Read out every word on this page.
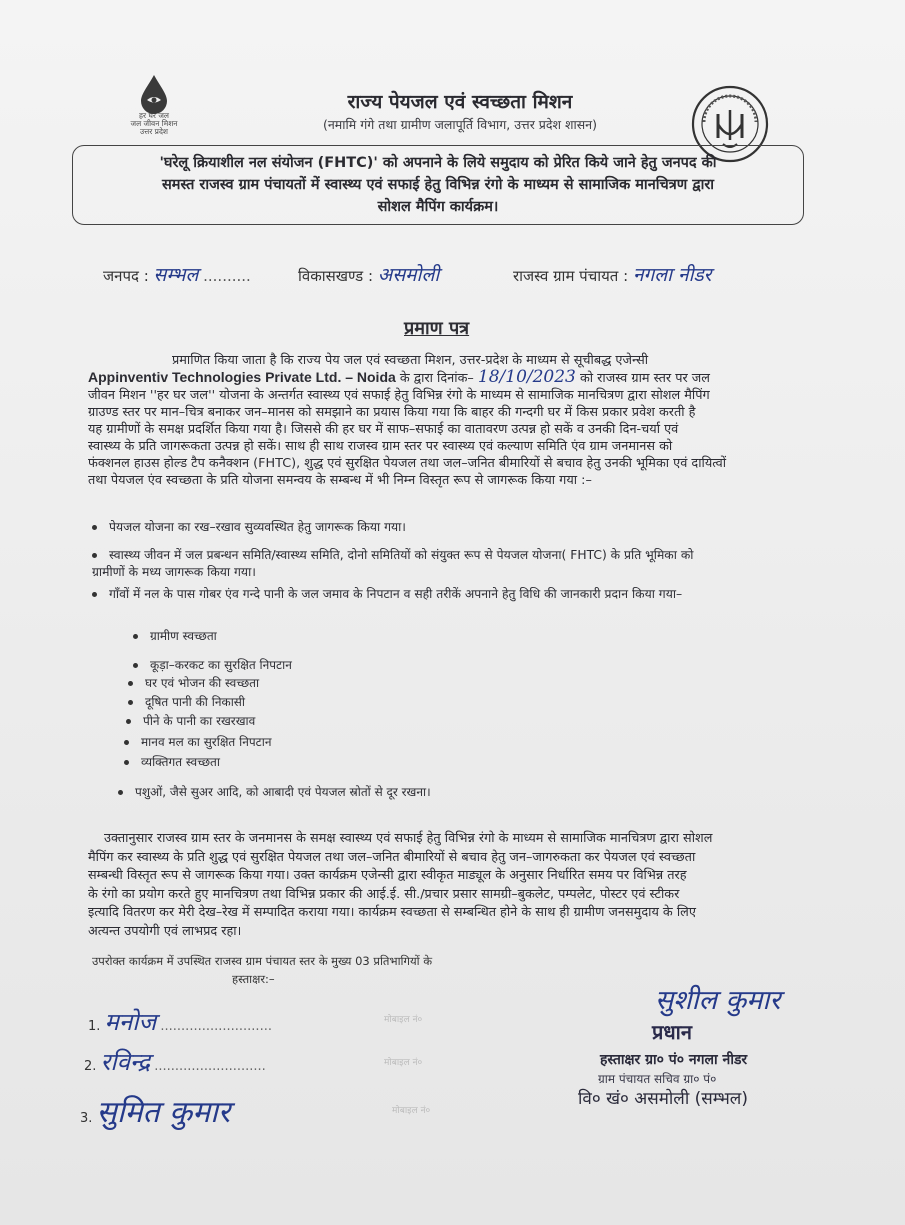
हर घर जल
जल जीवन मिशन
उत्तर प्रदेश
राज्य पेयजल एवं स्वच्छता मिशन
(नमामि गंगे तथा ग्रामीण जलापूर्ति विभाग, उत्तर प्रदेश शासन)
'घरेलू क्रियाशील नल संयोजन (FHTC)' को अपनाने के लिये समुदाय को प्रेरित किये जाने हेतु जनपद की
समस्त राजस्व ग्राम पंचायतों में स्वास्थ्य एवं सफाई हेतु विभिन्न रंगो के माध्यम से सामाजिक मानचित्रण द्वारा
सोशल मैपिंग कार्यक्रम।
जनपद : सम्भल ..........	विकासखण्ड : असमोली	राजस्व ग्राम पंचायत : नगला नीडर
प्रमाण पत्र
प्रमाणित किया जाता है कि राज्य पेय जल एवं स्वच्छता मिशन, उत्तर-प्रदेश के माध्यम से सूचीबद्ध एजेन्सी
Appinventiv Technologies Private Ltd. – Noida के द्वारा दिनांक– 18/10/2023 को राजस्व ग्राम स्तर पर जल
जीवन मिशन ''हर घर जल'' योजना के अन्तर्गत स्वास्थ्य एवं सफाई हेतु विभिन्न रंगो के माध्यम से सामाजिक मानचित्रण द्वारा सोशल मैपिंग
ग्राउण्ड स्तर पर मान–चित्र बनाकर जन–मानस को समझाने का प्रयास किया गया कि बाहर की गन्दगी घर में किस प्रकार प्रवेश करती है
यह ग्रामीणों के समक्ष प्रदर्शित किया गया है। जिससे की हर घर में साफ–सफाई का वातावरण उत्पन्न हो सकें व उनकी दिन-चर्या एवं
स्वास्थ्य के प्रति जागरूकता उत्पन्न हो सकें। साथ ही साथ राजस्व ग्राम स्तर पर स्वास्थ्य एवं कल्याण समिति एंव ग्राम जनमानस को
फंक्शनल हाउस होल्ड टैप कनैक्शन (FHTC), शुद्ध एवं सुरक्षित पेयजल तथा जल–जनित बीमारियों से बचाव हेतु उनकी भूमिका एवं दायित्वों
तथा पेयजल एंव स्वच्छता के प्रति योजना समन्वय के सम्बन्ध में भी निम्न विस्तृत रूप से जागरूक किया गया :–
पेयजल योजना का रख–रखाव सुव्यवस्थित हेतु जागरूक किया गया।
स्वास्थ्य जीवन में जल प्रबन्धन समिति/स्वास्थ्य समिति, दोनो समितियों को संयुक्त रूप से पेयजल योजना( FHTC) के प्रति भूमिका को
ग्रामीणों के मध्य जागरूक किया गया।
गाँवों में नल के पास गोबर एंव गन्दे पानी के जल जमाव के निपटान व सही तरीकें अपनाने हेतु विधि की जानकारी प्रदान किया गया–
ग्रामीण स्वच्छता
कूड़ा–करकट का सुरक्षित निपटान
घर एवं भोजन की स्वच्छता
दूषित पानी की निकासी
पीने के पानी का रखरखाव
मानव मल का सुरक्षित निपटान
व्यक्तिगत स्वच्छता
पशुओं, जैसे सुअर आदि, को आबादी एवं पेयजल स्रोतों से दूर रखना।
उक्तानुसार राजस्व ग्राम स्तर के जनमानस के समक्ष स्वास्थ्य एवं सफाई हेतु विभिन्न रंगो के माध्यम से सामाजिक मानचित्रण द्वारा सोशल
मैपिंग कर स्वास्थ्य के प्रति शुद्ध एवं सुरक्षित पेयजल तथा जल–जनित बीमारियों से बचाव हेतु जन–जागरुकता कर पेयजल एवं स्वच्छता
सम्बन्धी विस्तृत रूप से जागरूक किया गया। उक्त कार्यक्रम एजेन्सी द्वारा स्वीकृत माड्यूल के अनुसार निर्धारित समय पर विभिन्न तरह
के रंगो का प्रयोग करते हुए मानचित्रण तथा विभिन्न प्रकार की आई.ई. सी./प्रचार प्रसार सामग्री–बुकलेट, पम्पलेट, पोस्टर एवं स्टीकर
इत्यादि वितरण कर मेरी देख–रेख में सम्पादित कराया गया। कार्यक्रम स्वच्छता से सम्बन्धित होने के साथ ही ग्रामीण जनसमुदाय के लिए
अत्यन्त उपयोगी एवं लाभप्रद रहा।
उपरोक्त कार्यक्रम में उपस्थित राजस्व ग्राम पंचायत स्तर के मुख्य 03 प्रतिभागियों के
हस्ताक्षर:–
1. मनोज ...........................	मोबाइल नं०
2. रविन्द्र ...........................	मोबाइल नं०
3. सुमित कुमार	मोबाइल नं०
सुशील कुमार
प्रधान
हस्ताक्षर ग्रा० पं० नगला नीडर
ग्राम पंचायत सचिव ग्रा० पं०
वि० खं० असमोली (सम्भल)
